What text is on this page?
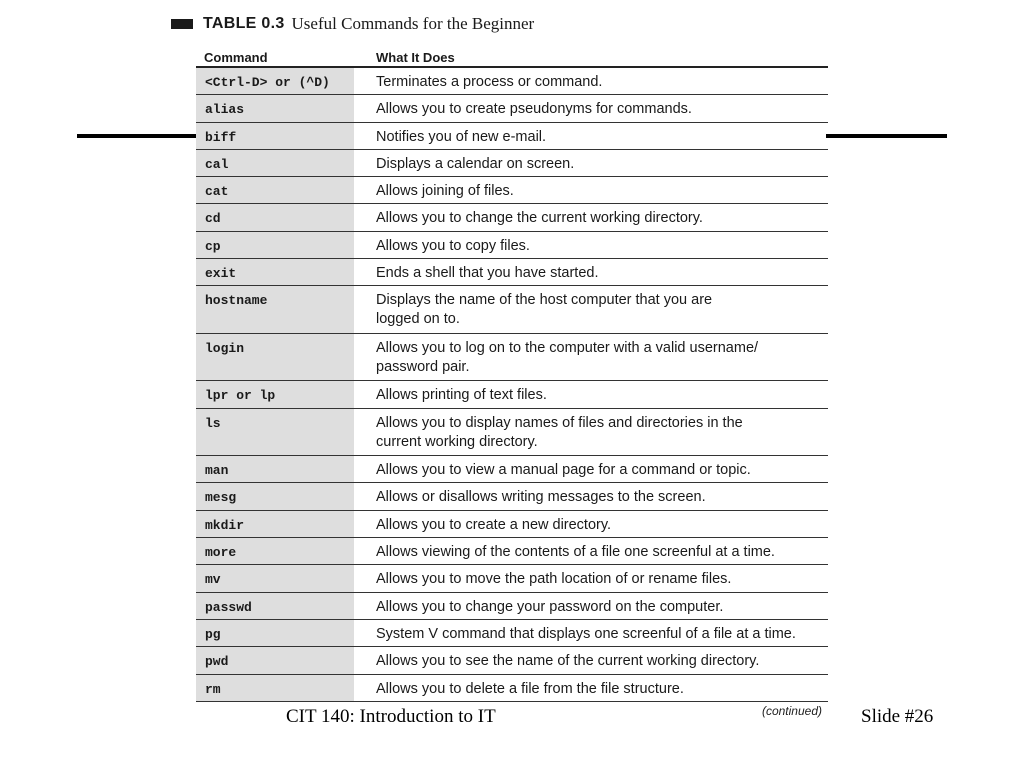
CIT 140: Introduction to IT	Slide #26
TABLE 0.3 Useful Commands for the Beginner
Command	What It Does
<Ctrl-D> or (^D)	Terminates a process or command.
alias	Allows you to create pseudonyms for commands.
biff	Notifies you of new e-mail.
cal	Displays a calendar on screen.
cat	Allows joining of files.
cd	Allows you to change the current working directory.
cp	Allows you to copy files.
exit	Ends a shell that you have started.
hostname	Displays the name of the host computer that you are
logged on to.
login	Allows you to log on to the computer with a valid username/
password pair.
lpr or lp	Allows printing of text files.
ls	Allows you to display names of files and directories in the
current working directory.
man	Allows you to view a manual page for a command or topic.
mesg	Allows or disallows writing messages to the screen.
mkdir	Allows you to create a new directory.
more	Allows viewing of the contents of a file one screenful at a time.
mv	Allows you to move the path location of or rename files.
passwd	Allows you to change your password on the computer.
pg	System V command that displays one screenful of a file at a time.
pwd	Allows you to see the name of the current working directory.
rm	Allows you to delete a file from the file structure.
(continued)
